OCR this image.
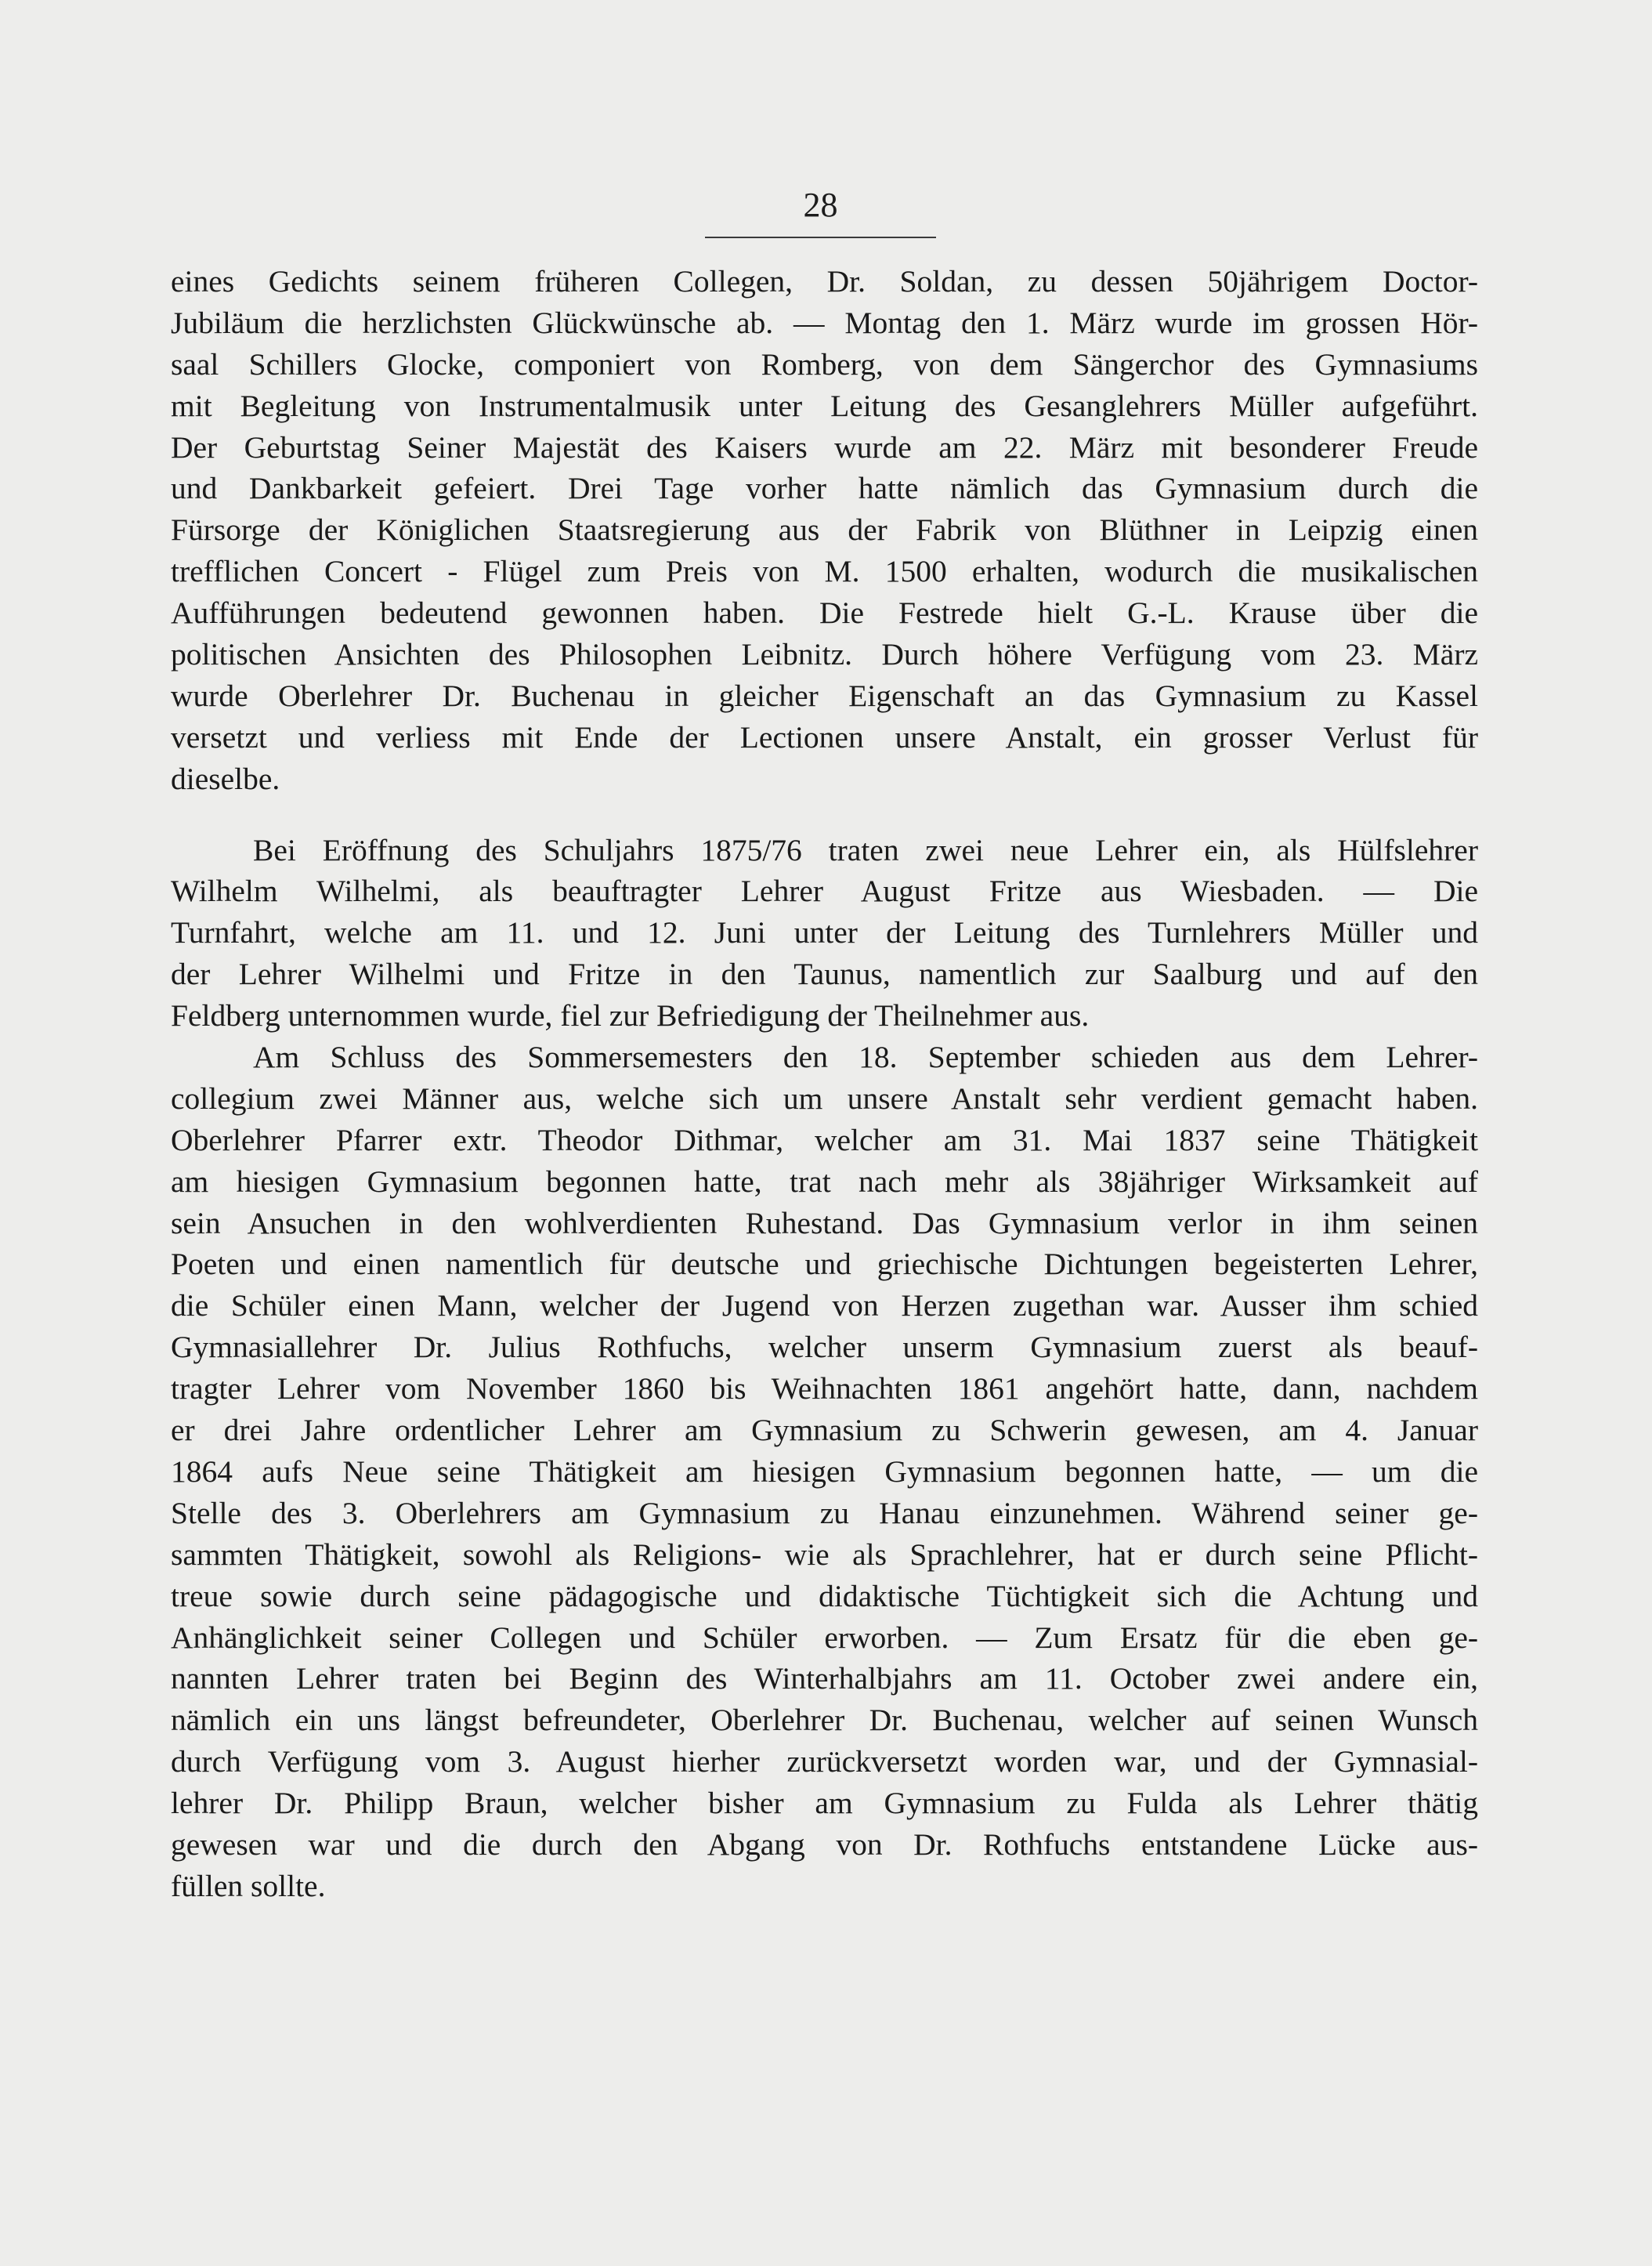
28
eines Gedichts seinem früheren Collegen, Dr. Soldan, zu dessen 50jährigem Doctor-
Jubiläum die herzlichsten Glückwünsche ab. — Montag den 1. März wurde im grossen Hör-
saal Schillers Glocke, componiert von Romberg, von dem Sängerchor des Gymnasiums
mit Begleitung von Instrumentalmusik unter Leitung des Gesanglehrers Müller aufgeführt.
Der Geburtstag Seiner Majestät des Kaisers wurde am 22. März mit besonderer Freude
und Dankbarkeit gefeiert. Drei Tage vorher hatte nämlich das Gymnasium durch die
Fürsorge der Königlichen Staatsregierung aus der Fabrik von Blüthner in Leipzig einen
trefflichen Concert - Flügel zum Preis von M. 1500 erhalten, wodurch die musikalischen
Aufführungen bedeutend gewonnen haben. Die Festrede hielt G.-L. Krause über die
politischen Ansichten des Philosophen Leibnitz. Durch höhere Verfügung vom 23. März
wurde Oberlehrer Dr. Buchenau in gleicher Eigenschaft an das Gymnasium zu Kassel
versetzt und verliess mit Ende der Lectionen unsere Anstalt, ein grosser Verlust für
dieselbe.
Bei Eröffnung des Schuljahrs 1875/76 traten zwei neue Lehrer ein, als Hülfslehrer
Wilhelm Wilhelmi, als beauftragter Lehrer August Fritze aus Wiesbaden. — Die
Turnfahrt, welche am 11. und 12. Juni unter der Leitung des Turnlehrers Müller und
der Lehrer Wilhelmi und Fritze in den Taunus, namentlich zur Saalburg und auf den
Feldberg unternommen wurde, fiel zur Befriedigung der Theilnehmer aus.
Am Schluss des Sommersemesters den 18. September schieden aus dem Lehrer-
collegium zwei Männer aus, welche sich um unsere Anstalt sehr verdient gemacht haben.
Oberlehrer Pfarrer extr. Theodor Dithmar, welcher am 31. Mai 1837 seine Thätigkeit
am hiesigen Gymnasium begonnen hatte, trat nach mehr als 38jähriger Wirksamkeit auf
sein Ansuchen in den wohlverdienten Ruhestand. Das Gymnasium verlor in ihm seinen
Poeten und einen namentlich für deutsche und griechische Dichtungen begeisterten Lehrer,
die Schüler einen Mann, welcher der Jugend von Herzen zugethan war. Ausser ihm schied
Gymnasiallehrer Dr. Julius Rothfuchs, welcher unserm Gymnasium zuerst als beauf-
tragter Lehrer vom November 1860 bis Weihnachten 1861 angehört hatte, dann, nachdem
er drei Jahre ordentlicher Lehrer am Gymnasium zu Schwerin gewesen, am 4. Januar
1864 aufs Neue seine Thätigkeit am hiesigen Gymnasium begonnen hatte, — um die
Stelle des 3. Oberlehrers am Gymnasium zu Hanau einzunehmen. Während seiner ge-
sammten Thätigkeit, sowohl als Religions- wie als Sprachlehrer, hat er durch seine Pflicht-
treue sowie durch seine pädagogische und didaktische Tüchtigkeit sich die Achtung und
Anhänglichkeit seiner Collegen und Schüler erworben. — Zum Ersatz für die eben ge-
nannten Lehrer traten bei Beginn des Winterhalbjahrs am 11. October zwei andere ein,
nämlich ein uns längst befreundeter, Oberlehrer Dr. Buchenau, welcher auf seinen Wunsch
durch Verfügung vom 3. August hierher zurückversetzt worden war, und der Gymnasial-
lehrer Dr. Philipp Braun, welcher bisher am Gymnasium zu Fulda als Lehrer thätig
gewesen war und die durch den Abgang von Dr. Rothfuchs entstandene Lücke aus-
füllen sollte.
